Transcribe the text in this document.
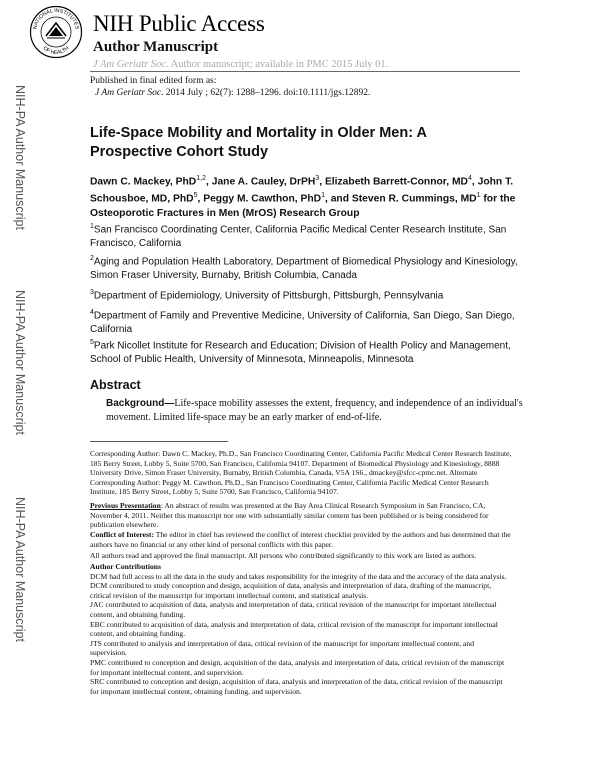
NATIONAL INSTITUTES
OF HEALTH
NIH Public Access
Author Manuscript
J Am Geriatr Soc. Author manuscript; available in PMC 2015 July 01.
Published in final edited form as:
J Am Geriatr Soc. 2014 July ; 62(7): 1288–1296. doi:10.1111/jgs.12892.
NIH-PA Author Manuscript
NIH-PA Author Manuscript
NIH-PA Author Manuscript
Life-Space Mobility and Mortality in Older Men: A Prospective Cohort Study
Dawn C. Mackey, PhD$^{1,2}$, Jane A. Cauley, DrPH$^3$, Elizabeth Barrett-Connor, $MD^4$, John T. Schousboe, MD, PhD$^5$, Peggy M. Cawthon, PhD$^1$, and Steven R. Cummings, $MD^1$ for the Osteoporotic Fractures in Men (MrOS) Research Group
$^1$San Francisco Coordinating Center, California Pacific Medical Center Research Institute, San Francisco, California
$^2$Aging and Population Health Laboratory, Department of Biomedical Physiology and Kinesiology, Simon Fraser University, Burnaby, British Columbia, Canada
$^3$Department of Epidemiology, University of Pittsburgh, Pittsburgh, Pennsylvania
$^4$Department of Family and Preventive Medicine, University of California, San Diego, San Diego, California
$^5$Park Nicollet Institute for Research and Education; Division of Health Policy and Management, School of Public Health, University of Minnesota, Minneapolis, Minnesota
Abstract
Background—Life-space mobility assesses the extent, frequency, and independence of an individual's movement. Limited life-space may be an early marker of end-of-life.
Corresponding Author: Dawn C. Mackey, Ph.D., San Francisco Coordinating Center, California Pacific Medical Center Research Institute, 185 Berry Street, Lobby 5, Suite 5700, San Francisco, California 94107. Department of Biomedical Physiology and Kinesiology, 8888 University Drive, Simon Fraser University, Burnaby, British Columbia, Canada, V5A 1S6., dmackey@sfcc-cpmc.net. Alternate Corresponding Author: Peggy M. Cawthon, Ph.D., San Francisco Coordinating Center, California Pacific Medical Center Research Institute, 185 Berry Street, Lobby 5, Suite 5700, San Francisco, California 94107.
Previous Presentation: An abstract of results was presented at the Bay Area Clinical Research Symposium in San Francisco, CA, November 4, 2011. Neither this manuscript nor one with substantially similar content has been published or is being considered for publication elsewhere.
Conflict of Interest: The editor in chief has reviewed the conflict of interest checklist provided by the authors and has determined that the authors have no financial or any other kind of personal conflicts with this paper.
All authors read and approved the final manuscript. All persons who contributed significantly to this work are listed as authors.
Author Contributions
DCM had full access to all the data in the study and takes responsibility for the integrity of the data and the accuracy of the data analysis.
DCM contributed to study conception and design, acquisition of data, analysis and interpretation of data, drafting of the manuscript, critical revision of the manuscript for important intellectual content, and statistical analysis.
JAC contributed to acquisition of data, analysis and interpretation of data, critical revision of the manuscript for important intellectual content, and obtaining funding.
EBC contributed to acquisition of data, analysis and interpretation of data, critical revision of the manuscript for important intellectual content, and obtaining funding.
JTS contributed to analysis and interpretation of data, critical revision of the manuscript for important intellectual content, and supervision.
PMC contributed to conception and design, acquisition of the data, analysis and interpretation of data, critical revision of the manuscript for important intellectual content, and supervision.
SRC contributed to conception and design, acquisition of data, analysis and interpretation of the data, critical revision of the manuscript for important intellectual content, obtaining funding, and supervision.
